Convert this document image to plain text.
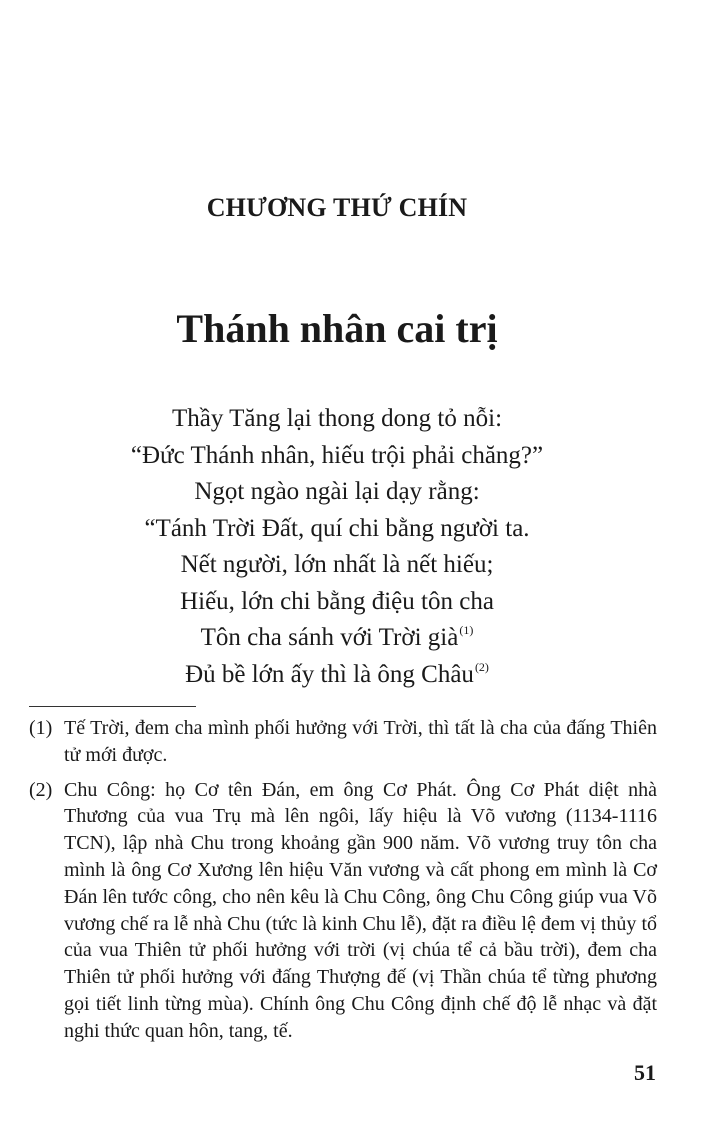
CHƯƠNG THỨ CHÍN
Thánh nhân cai trị
Thầy Tăng lại thong dong tỏ nỗi:
“Đức Thánh nhân, hiếu trội phải chăng?”
Ngọt ngào ngài lại dạy rằng:
“Tánh Trời Đất, quí chi bằng người ta.
Nết người, lớn nhất là nết hiếu;
Hiếu, lớn chi bằng điệu tôn cha
Tôn cha sánh với Trời già$^{(1)}$
Đủ bề lớn ấy thì là ông Châu$^{(2)}$
(1) Tế Trời, đem cha mình phối hưởng với Trời, thì tất là cha của đấng Thiên tử mới được.
(2) Chu Công: họ Cơ tên Đán, em ông Cơ Phát. Ông Cơ Phát diệt nhà Thương của vua Trụ mà lên ngôi, lấy hiệu là Võ vương (1134-1116 TCN), lập nhà Chu trong khoảng gần 900 năm. Võ vương truy tôn cha mình là ông Cơ Xương lên hiệu Văn vương và cất phong em mình là Cơ Đán lên tước công, cho nên kêu là Chu Công, ông Chu Công giúp vua Võ vương chế ra lễ nhà Chu (tức là kinh Chu lễ), đặt ra điều lệ đem vị thủy tổ của vua Thiên tử phối hưởng với trời (vị chúa tể cả bầu trời), đem cha Thiên tử phối hưởng với đấng Thượng đế (vị Thần chúa tể từng phương gọi tiết linh từng mùa). Chính ông Chu Công định chế độ lễ nhạc và đặt nghi thức quan hôn, tang, tế.
51
